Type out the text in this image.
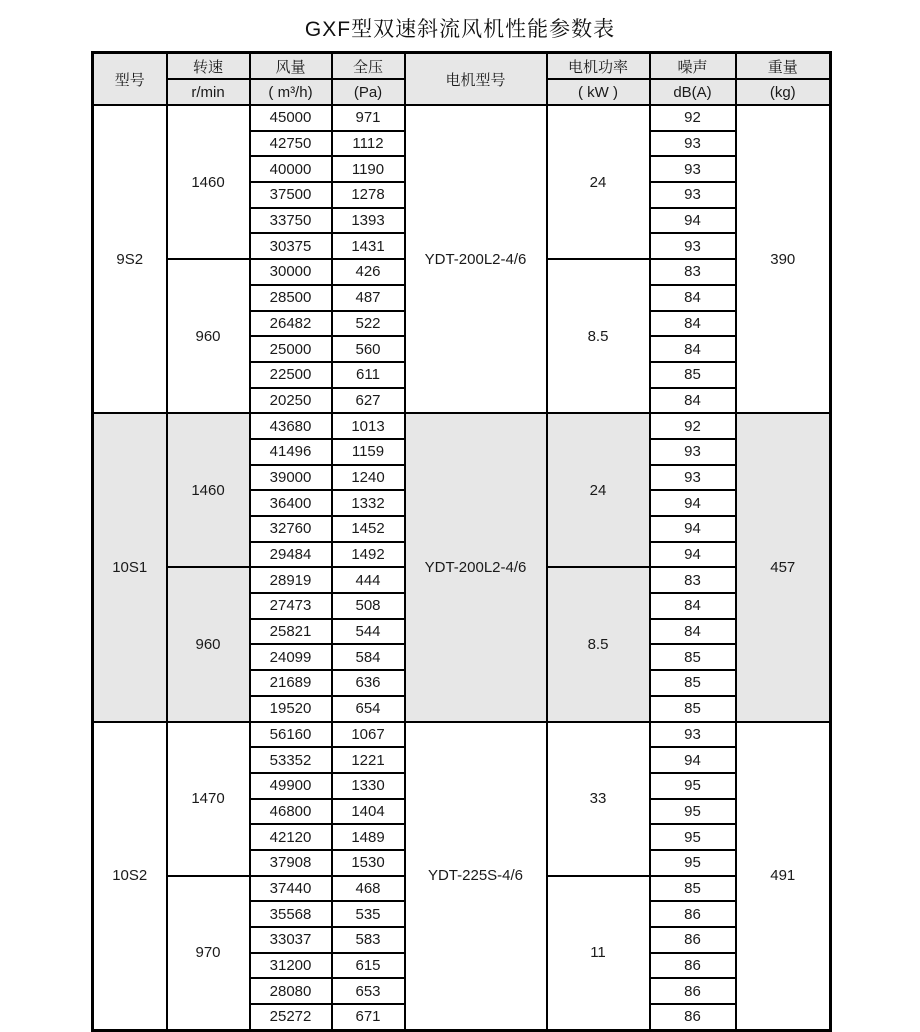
GXF型双速斜流风机性能参数表
型号	转速	风量	全压	电机型号	电机功率	噪声	重量
	r/min	( m³/h)	(Pa)		( kW )	dB(A)	(kg)
9S2	1460	45000	971	YDT-200L2-4/6	24	92	390
		42750	1112			93	
		40000	1190			93	
		37500	1278			93	
		33750	1393			94	
		30375	1431			93	
	960	30000	426		8.5	83	
		28500	487			84	
		26482	522			84	
		25000	560			84	
		22500	611			85	
		20250	627			84	
10S1	1460	43680	1013	YDT-200L2-4/6	24	92	457
		41496	1159			93	
		39000	1240			93	
		36400	1332			94	
		32760	1452			94	
		29484	1492			94	
	960	28919	444		8.5	83	
		27473	508			84	
		25821	544			84	
		24099	584			85	
		21689	636			85	
		19520	654			85	
10S2	1470	56160	1067	YDT-225S-4/6	33	93	491
		53352	1221			94	
		49900	1330			95	
		46800	1404			95	
		42120	1489			95	
		37908	1530			95	
	970	37440	468		11	85	
		35568	535			86	
		33037	583			86	
		31200	615			86	
		28080	653			86	
		25272	671			86	
